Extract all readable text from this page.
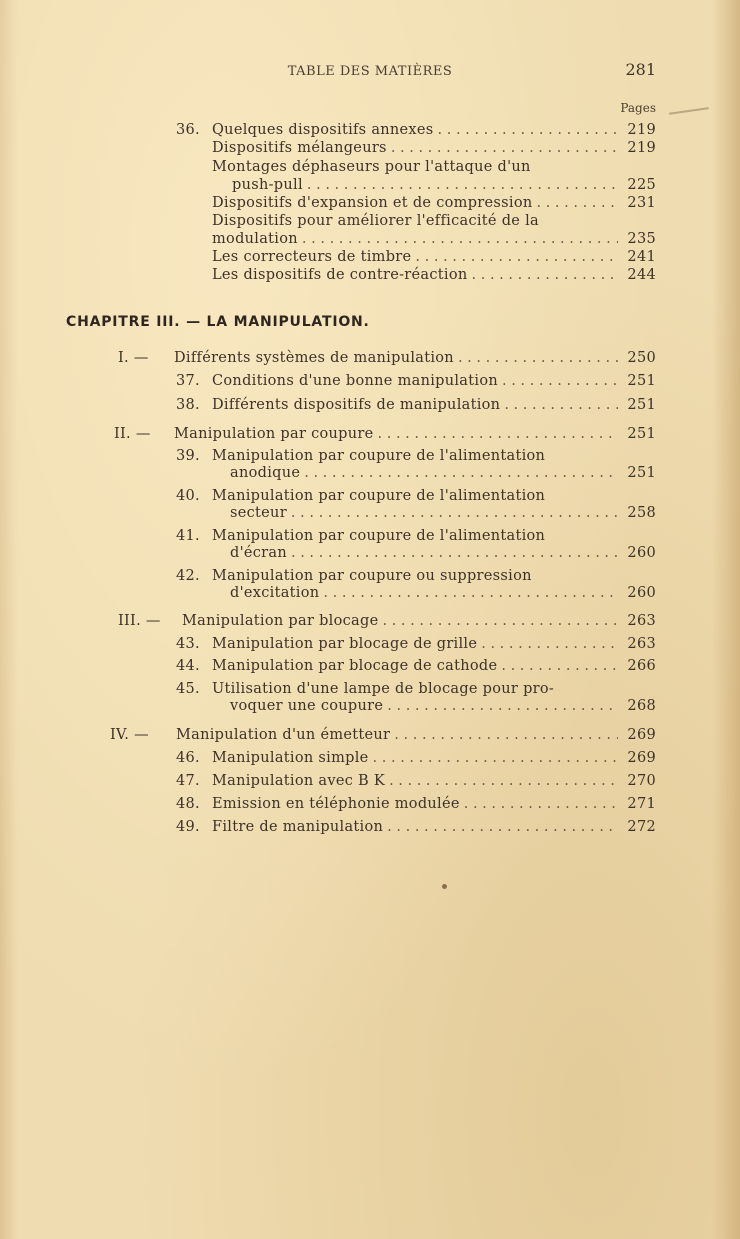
TABLE DES MATIÈRES	281
Pages
36. Quelques dispositifs annexes . . .	219
Dispositifs mélangeurs . . .	219
Montages déphaseurs pour l'attaque d'un
push-pull . . .	225
Dispositifs d'expansion et de compression . . .	231
Dispositifs pour améliorer l'efficacité de la
modulation . . .	235
Les correcteurs de timbre . . .	241
Les dispositifs de contre-réaction . . .	244
CHAPITRE III. — LA MANIPULATION.
I. —	Différents systèmes de manipulation . . .	250
37. Conditions d'une bonne manipulation . . .	251
38. Différents dispositifs de manipulation . . .	251
II. —	Manipulation par coupure . . .	251
39. Manipulation par coupure de l'alimentation
anodique . . .	251
40. Manipulation par coupure de l'alimentation
secteur . . .	258
41. Manipulation par coupure de l'alimentation
d'écran . . .	260
42. Manipulation par coupure ou suppression
d'excitation . . .	260
III. —	Manipulation par blocage . . .	263
43. Manipulation par blocage de grille . . .	263
44. Manipulation par blocage de cathode . . .	266
45. Utilisation d'une lampe de blocage pour pro-
voquer une coupure . . .	268
IV. —	Manipulation d'un émetteur . . .	269
46. Manipulation simple . . .	269
47. Manipulation avec B K . . .	270
48. Emission en téléphonie modulée . . .	271
49. Filtre de manipulation . . .	272
